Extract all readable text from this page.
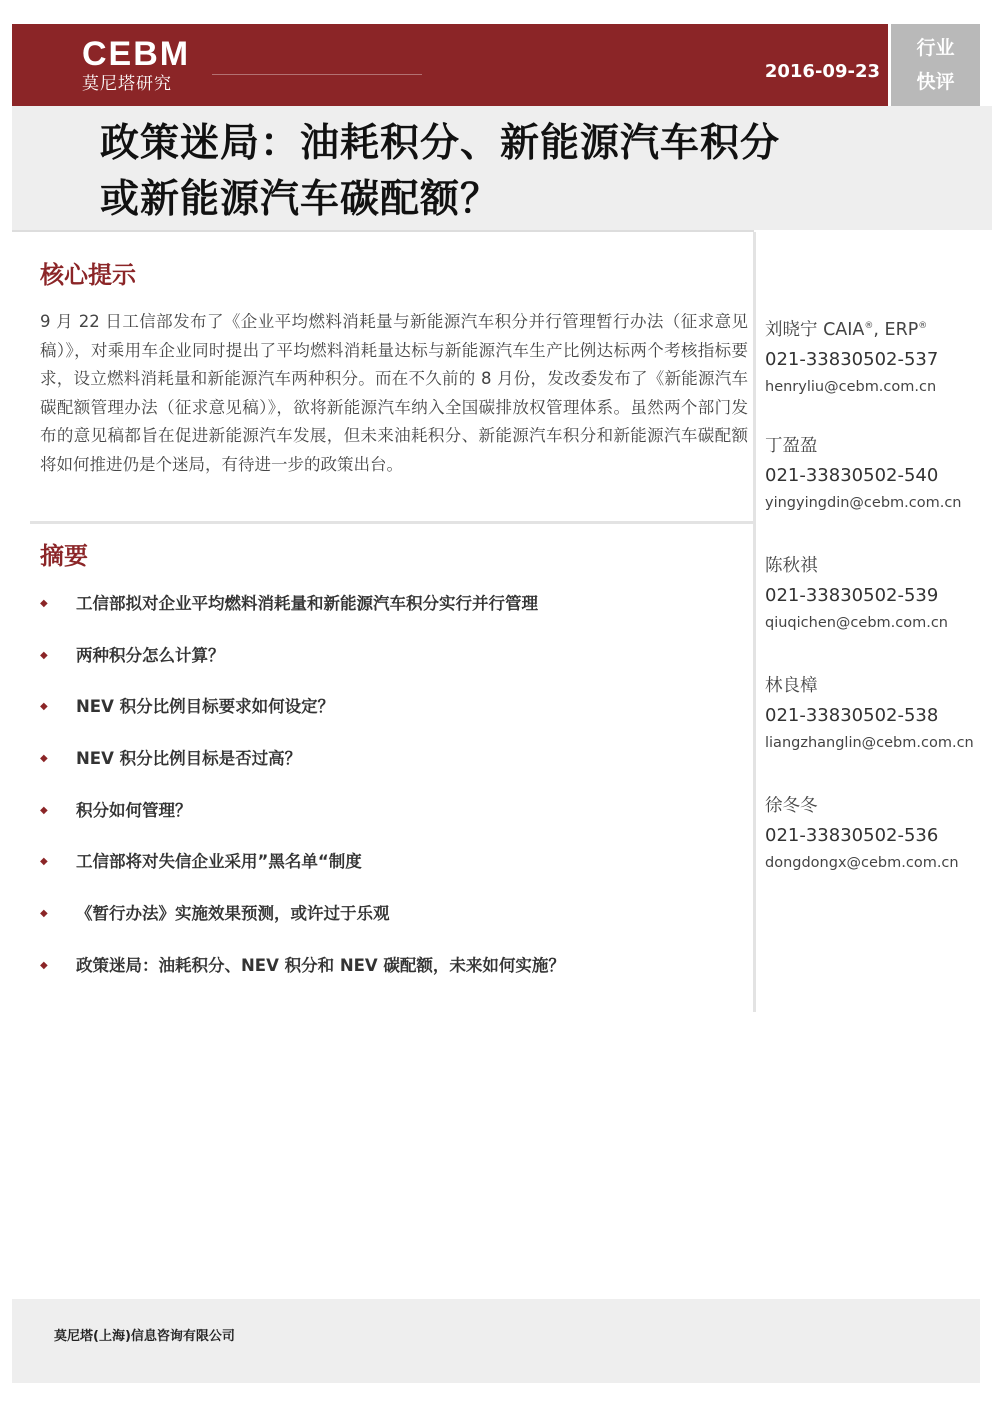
CEBM
莫尼塔研究
2016-09-23
行业
快评
政策迷局：油耗积分、新能源汽车积分
或新能源汽车碳配额？
核心提示

9 月 22 日工信部发布了《企业平均燃料消耗量与新能源汽车积分并行管理暂行办法（征求意见稿）》，对乘用车企业同时提出了平均燃料消耗量达标与新能源汽车生产比例达标两个考核指标要求，设立燃料消耗量和新能源汽车两种积分。而在不久前的 8 月份，发改委发布了《新能源汽车碳配额管理办法（征求意见稿）》，欲将新能源汽车纳入全国碳排放权管理体系。虽然两个部门发布的意见稿都旨在促进新能源汽车发展，但未来油耗积分、新能源汽车积分和新能源汽车碳配额将如何推进仍是个迷局，有待进一步的政策出台。

摘要
◆ 工信部拟对企业平均燃料消耗量和新能源汽车积分实行并行管理
◆ 两种积分怎么计算？
◆ NEV 积分比例目标要求如何设定？
◆ NEV 积分比例目标是否过高？
◆ 积分如何管理？
◆ 工信部将对失信企业采用”黑名单“制度
◆ 《暂行办法》实施效果预测，或许过于乐观
◆ 政策迷局：油耗积分、NEV 积分和 NEV 碳配额，未来如何实施？
刘晓宁 CAIA®, ERP®
021-33830502-537
henryliu@cebm.com.cn
丁盈盈
021-33830502-540
yingyingdin@cebm.com.cn
陈秋祺
021-33830502-539
qiuqichen@cebm.com.cn
林良樟
021-33830502-538
liangzhanglin@cebm.com.cn
徐冬冬
021-33830502-536
dongdongx@cebm.com.cn
莫尼塔(上海)信息咨询有限公司
